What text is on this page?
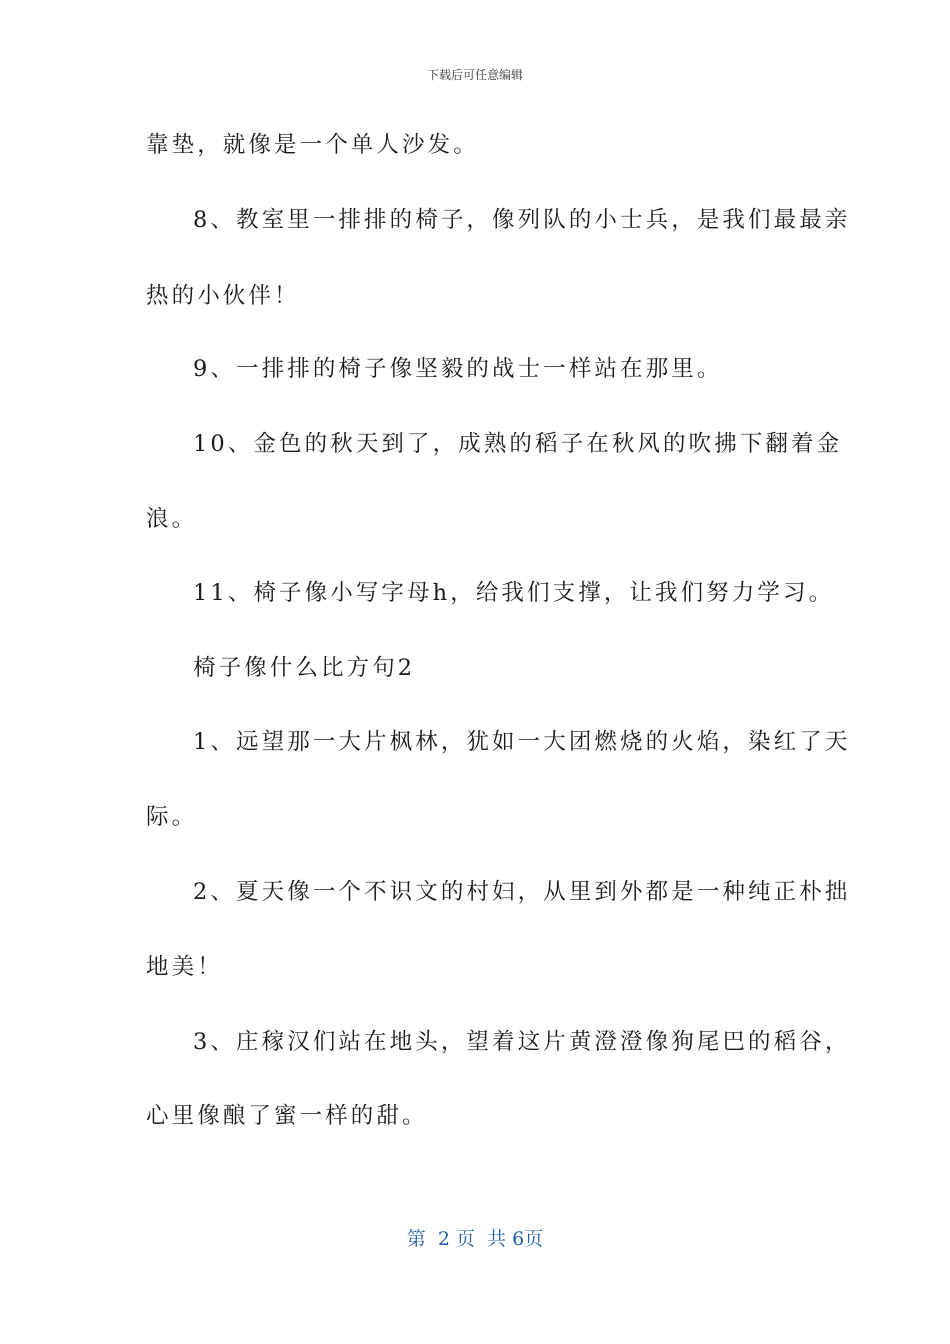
下载后可任意编辑
靠垫，就像是一个单人沙发。
8、教室里一排排的椅子，像列队的小士兵，是我们最最亲
热的小伙伴！
9、一排排的椅子像坚毅的战士一样站在那里。
10、金色的秋天到了，成熟的稻子在秋风的吹拂下翻着金
浪。
11、椅子像小写字母h，给我们支撑，让我们努力学习。
椅子像什么比方句2
1、远望那一大片枫林，犹如一大团燃烧的火焰，染红了天
际。
2、夏天像一个不识文的村妇，从里到外都是一种纯正朴拙
地美！
3、庄稼汉们站在地头，望着这片黄澄澄像狗尾巴的稻谷，
心里像酿了蜜一样的甜。
第  2 页  共 6页
